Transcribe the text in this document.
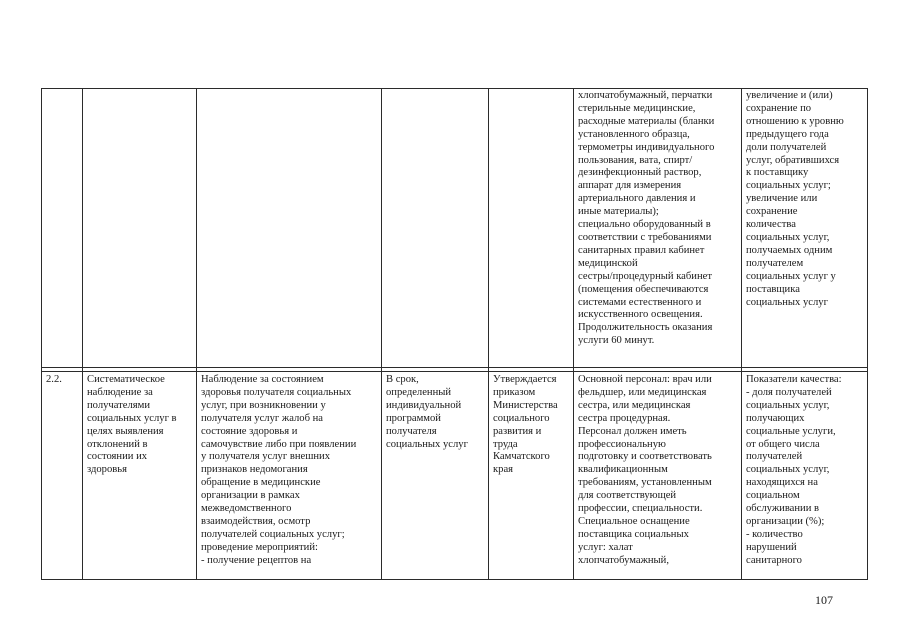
хлопчатобумажный, перчатки
стерильные медицинские,
расходные материалы (бланки
установленного образца,
термометры индивидуального
пользования, вата, спирт/
дезинфекционный раствор,
аппарат для измерения
артериального давления и
иные материалы);
специально оборудованный в
соответствии с требованиями
санитарных правил кабинет
медицинской
сестры/процедурный кабинет
(помещения обеспечиваются
системами естественного и
искусственного освещения.
Продолжительность оказания
услуги 60 минут.
увеличение и (или)
сохранение по
отношению к уровню
предыдущего года
доли получателей
услуг, обратившихся
к поставщику
социальных услуг;
увеличение или
сохранение
количества
социальных услуг,
получаемых одним
получателем
социальных услуг у
поставщика
социальных услуг
2.2.	Систематическое
наблюдение за
получателями
социальных услуг в
целях выявления
отклонений в
состоянии их
здоровья
Наблюдение за состоянием
здоровья получателя социальных
услуг, при возникновении у
получателя услуг жалоб на
состояние здоровья и
самочувствие либо при появлении
у получателя услуг внешних
признаков недомогания
обращение в медицинские
организации в рамках
межведомственного
взаимодействия, осмотр
получателей социальных услуг;
проведение мероприятий:
- получение рецептов на
В срок,
определенный
индивидуальной
программой
получателя
социальных услуг
Утверждается
приказом
Министерства
социального
развития и
труда
Камчатского
края
Основной персонал: врач или
фельдшер, или медицинская
сестра, или медицинская
сестра процедурная.
Персонал должен иметь
профессиональную
подготовку и соответствовать
квалификационным
требованиям, установленным
для соответствующей
профессии, специальности.
Специальное оснащение
поставщика социальных
услуг: халат
хлопчатобумажный,
Показатели качества:
- доля получателей
социальных услуг,
получающих
социальные услуги,
от общего числа
получателей
социальных услуг,
находящихся на
социальном
обслуживании в
организации (%);
- количество
нарушений
санитарного
107
